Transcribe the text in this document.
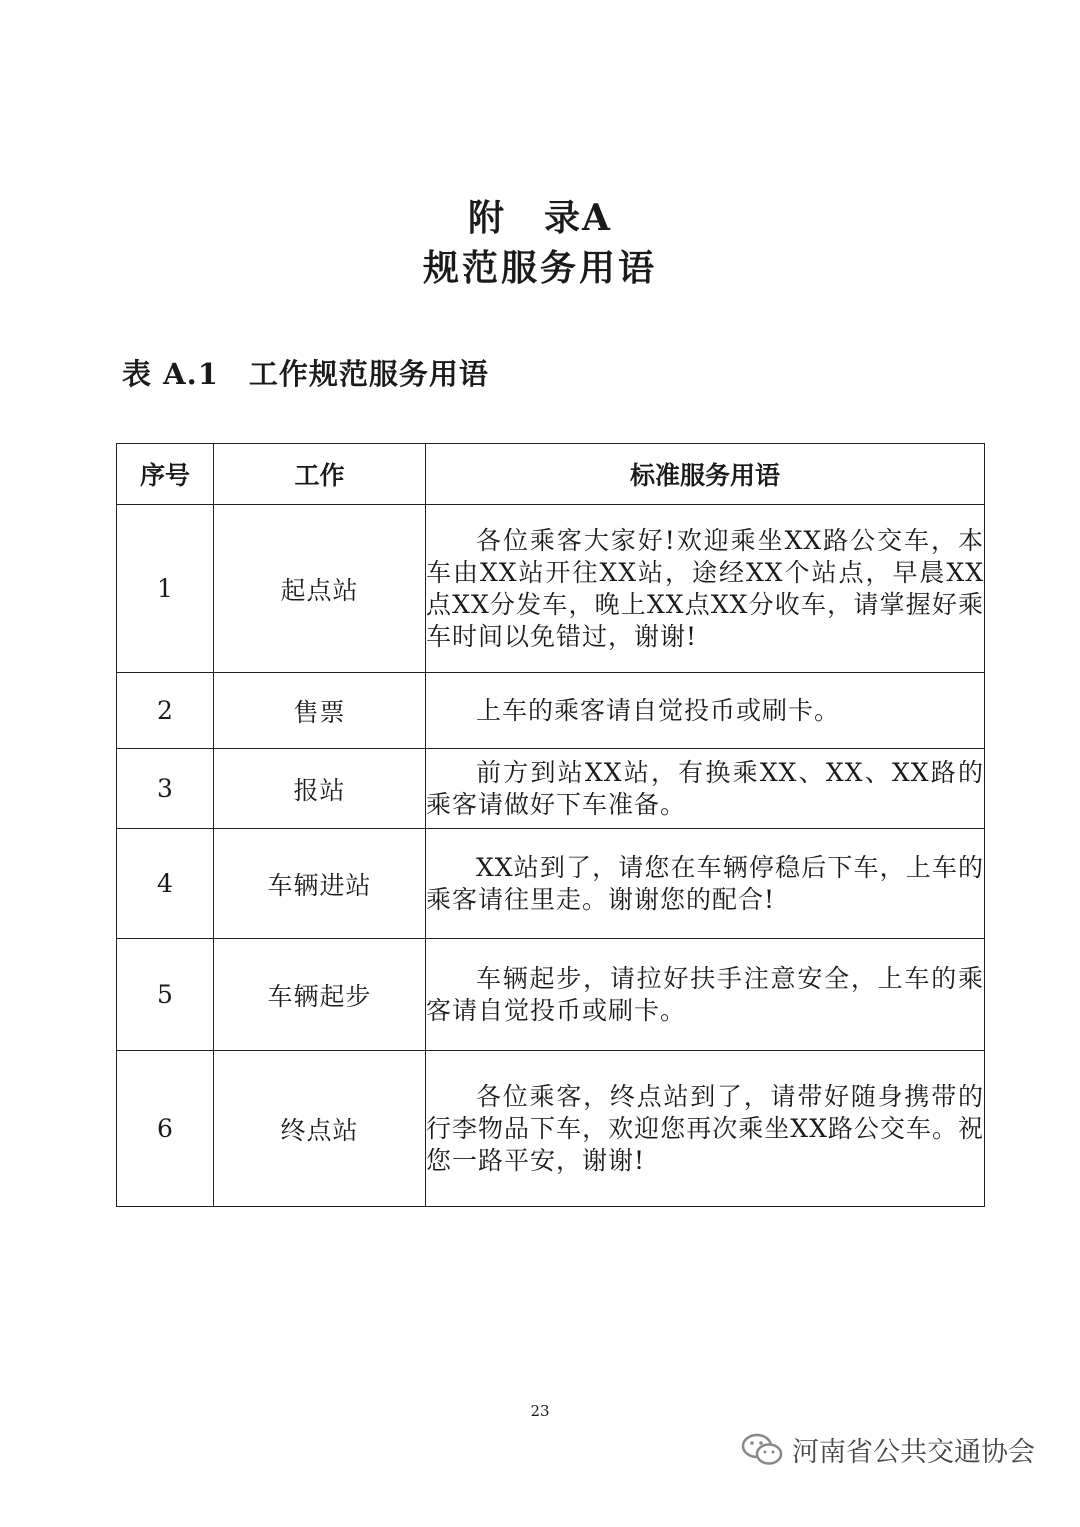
附　录A
规范服务用语
表 A.1　工作规范服务用语
序号	工作	标准服务用语
1	起点站	各位乘客大家好!欢迎乘坐XX路公交车，本车由XX站开往XX站，途经XX个站点，早晨XX点XX分发车，晚上XX点XX分收车，请掌握好乘车时间以免错过，谢谢!
2	售票	上车的乘客请自觉投币或刷卡。
3	报站	前方到站XX站，有换乘XX、XX、XX路的乘客请做好下车准备。
4	车辆进站	XX站到了，请您在车辆停稳后下车，上车的乘客请往里走。谢谢您的配合!
5	车辆起步	车辆起步，请拉好扶手注意安全，上车的乘客请自觉投币或刷卡。
6	终点站	各位乘客，终点站到了，请带好随身携带的行李物品下车，欢迎您再次乘坐XX路公交车。祝您一路平安，谢谢!
23
河南省公共交通协会
